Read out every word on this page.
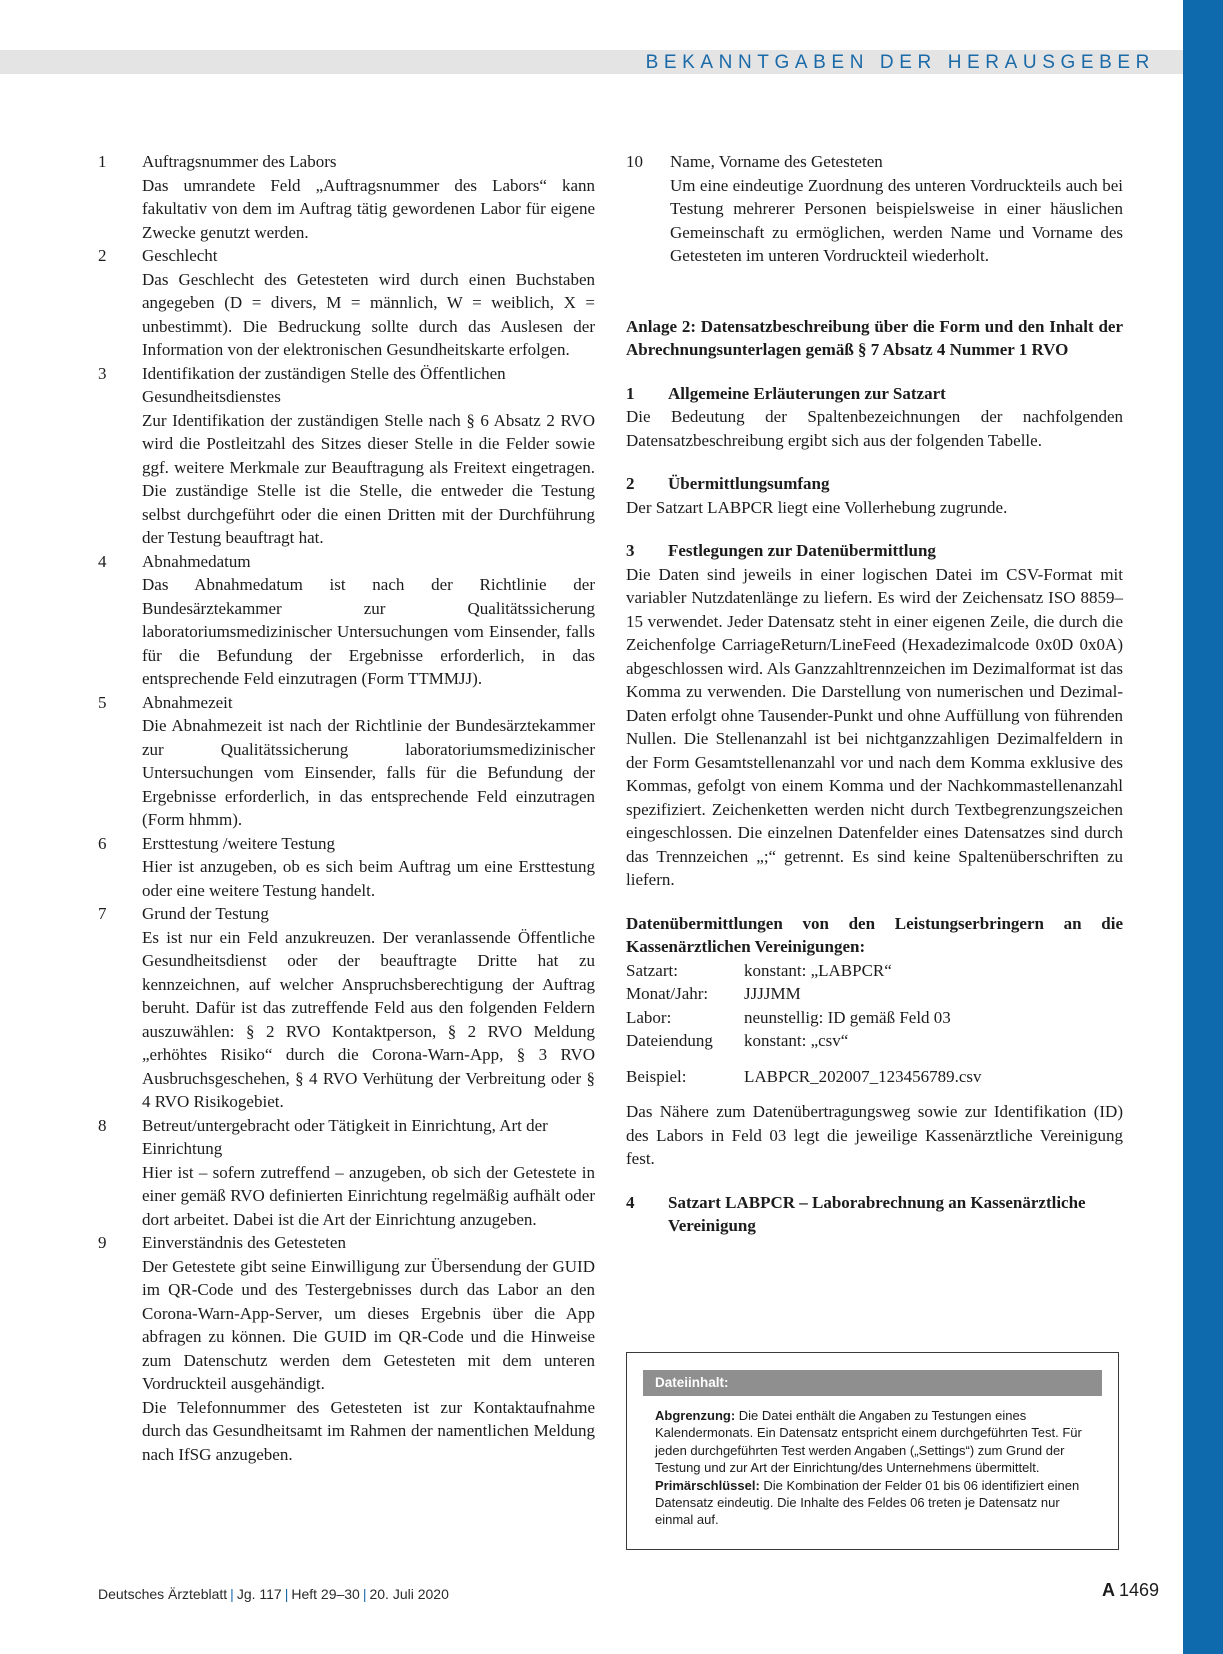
BEKANNTGABEN DER HERAUSGEBER
1 Auftragsnummer des Labors

Das umrandete Feld „Auftragsnummer des Labors“ kann fakultativ von dem im Auftrag tätig gewordenen Labor für eigene Zwecke genutzt werden.

2 Geschlecht

Das Geschlecht des Getesteten wird durch einen Buchstaben angegeben (D = divers, M = männlich, W = weiblich, X = unbestimmt). Die Bedruckung sollte durch das Auslesen der Information von der elektronischen Gesundheitskarte erfolgen.

3 Identifikation der zuständigen Stelle des Öffentlichen Gesundheitsdienstes

Zur Identifikation der zuständigen Stelle nach § 6 Absatz 2 RVO wird die Postleitzahl des Sitzes dieser Stelle in die Felder sowie ggf. weitere Merkmale zur Beauftragung als Freitext eingetragen. Die zuständige Stelle ist die Stelle, die entweder die Testung selbst durchgeführt oder die einen Dritten mit der Durchführung der Testung beauftragt hat.

4 Abnahmedatum

Das Abnahmedatum ist nach der Richtlinie der Bundesärztekammer zur Qualitätssicherung laboratoriumsmedizinischer Untersuchungen vom Einsender, falls für die Befundung der Ergebnisse erforderlich, in das entsprechende Feld einzutragen (Form TTMMJJ).

5 Abnahmezeit

Die Abnahmezeit ist nach der Richtlinie der Bundesärztekammer zur Qualitätssicherung laboratoriumsmedizinischer Untersuchungen vom Einsender, falls für die Befundung der Ergebnisse erforderlich, in das entsprechende Feld einzutragen (Form hhmm).

6 Ersttestung /weitere Testung

Hier ist anzugeben, ob es sich beim Auftrag um eine Ersttestung oder eine weitere Testung handelt.

7 Grund der Testung

Es ist nur ein Feld anzukreuzen. Der veranlassende Öffentliche Gesundheitsdienst oder der beauftragte Dritte hat zu kennzeichnen, auf welcher Anspruchsberechtigung der Auftrag beruht. Dafür ist das zutreffende Feld aus den folgenden Feldern auszuwählen: § 2 RVO Kontaktperson, § 2 RVO Meldung „erhöhtes Risiko“ durch die Corona-Warn-App, § 3 RVO Ausbruchsgeschehen, § 4 RVO Verhütung der Verbreitung oder § 4 RVO Risikogebiet.

8 Betreut/untergebracht oder Tätigkeit in Einrichtung, Art der Einrichtung

Hier ist – sofern zutreffend – anzugeben, ob sich der Getestete in einer gemäß RVO definierten Einrichtung regelmäßig aufhält oder dort arbeitet. Dabei ist die Art der Einrichtung anzugeben.

9 Einverständnis des Getesteten

Der Getestete gibt seine Einwilligung zur Übersendung der GUID im QR-Code und des Testergebnisses durch das Labor an den Corona-Warn-App-Server, um dieses Ergebnis über die App abfragen zu können. Die GUID im QR-Code und die Hinweise zum Datenschutz werden dem Getesteten mit dem unteren Vordruckteil ausgehändigt.

Die Telefonnummer des Getesteten ist zur Kontaktaufnahme durch das Gesundheitsamt im Rahmen der namentlichen Meldung nach IfSG anzugeben.

10 Name, Vorname des Getesteten
Um eine eindeutige Zuordnung des unteren Vordruckteils auch bei Testung mehrerer Personen beispielsweise in einer häuslichen Gemeinschaft zu ermöglichen, werden Name und Vorname des Getesteten im unteren Vordruckteil wiederholt.

Anlage 2: Datensatzbeschreibung über die Form und den Inhalt der Abrechnungsunterlagen gemäß § 7 Absatz 4 Nummer 1 RVO

1 Allgemeine Erläuterungen zur Satzart

Die Bedeutung der Spaltenbezeichnungen der nachfolgenden Datensatzbeschreibung ergibt sich aus der folgenden Tabelle.

2 Übermittlungsumfang

Der Satzart LABPCR liegt eine Vollerhebung zugrunde.

3 Festlegungen zur Datenübermittlung

Die Daten sind jeweils in einer logischen Datei im CSV-Format mit variabler Nutzdatenlänge zu liefern. Es wird der Zeichensatz ISO 8859–15 verwendet. Jeder Datensatz steht in einer eigenen Zeile, die durch die Zeichenfolge CarriageReturn/LineFeed (Hexadezimalcode 0x0D 0x0A) abgeschlossen wird. Als Ganzzahltrennzeichen im Dezimalformat ist das Komma zu verwenden. Die Darstellung von numerischen und Dezimal-Daten erfolgt ohne Tausender-Punkt und ohne Auffüllung von führenden Nullen. Die Stellenanzahl ist bei nichtganzzahligen Dezimalfeldern in der Form Gesamtstellenanzahl vor und nach dem Komma exklusive des Kommas, gefolgt von einem Komma und der Nachkommastellenanzahl spezifiziert. Zeichenketten werden nicht durch Textbegrenzungszeichen eingeschlossen. Die einzelnen Datenfelder eines Datensatzes sind durch das Trennzeichen „;“ getrennt. Es sind keine Spaltenüberschriften zu liefern.

Datenübermittlungen von den Leistungserbringern an die Kassenärztlichen Vereinigungen:

Satzart:	konstant: „LABPCR“
Monat/Jahr:	JJJJMM
Labor:	neunstellig: ID gemäß Feld 03
Dateiendung	konstant: „csv“
Beispiel:	LABPCR_202007_123456789.csv

Das Nähere zum Datenübertragungsweg sowie zur Identifikation (ID) des Labors in Feld 03 legt die jeweilige Kassenärztliche Vereinigung fest.

4 Satzart LABPCR – Laborabrechnung an Kassenärztliche Vereinigung
Dateiinhalt:
Abgrenzung: Die Datei enthält die Angaben zu Testungen eines Kalendermonats. Ein Datensatz entspricht einem durchgeführten Test. Für jeden durchgeführten Test werden Angaben („Settings“) zum Grund der Testung und zur Art der Einrichtung/des Unternehmens übermittelt.
Primärschlüssel: Die Kombination der Felder 01 bis 06 identifiziert einen Datensatz eindeutig. Die Inhalte des Feldes 06 treten je Datensatz nur einmal auf.
Deutsches Ärzteblatt | Jg. 117 | Heft 29–30 | 20. Juli 2020	A 1469
